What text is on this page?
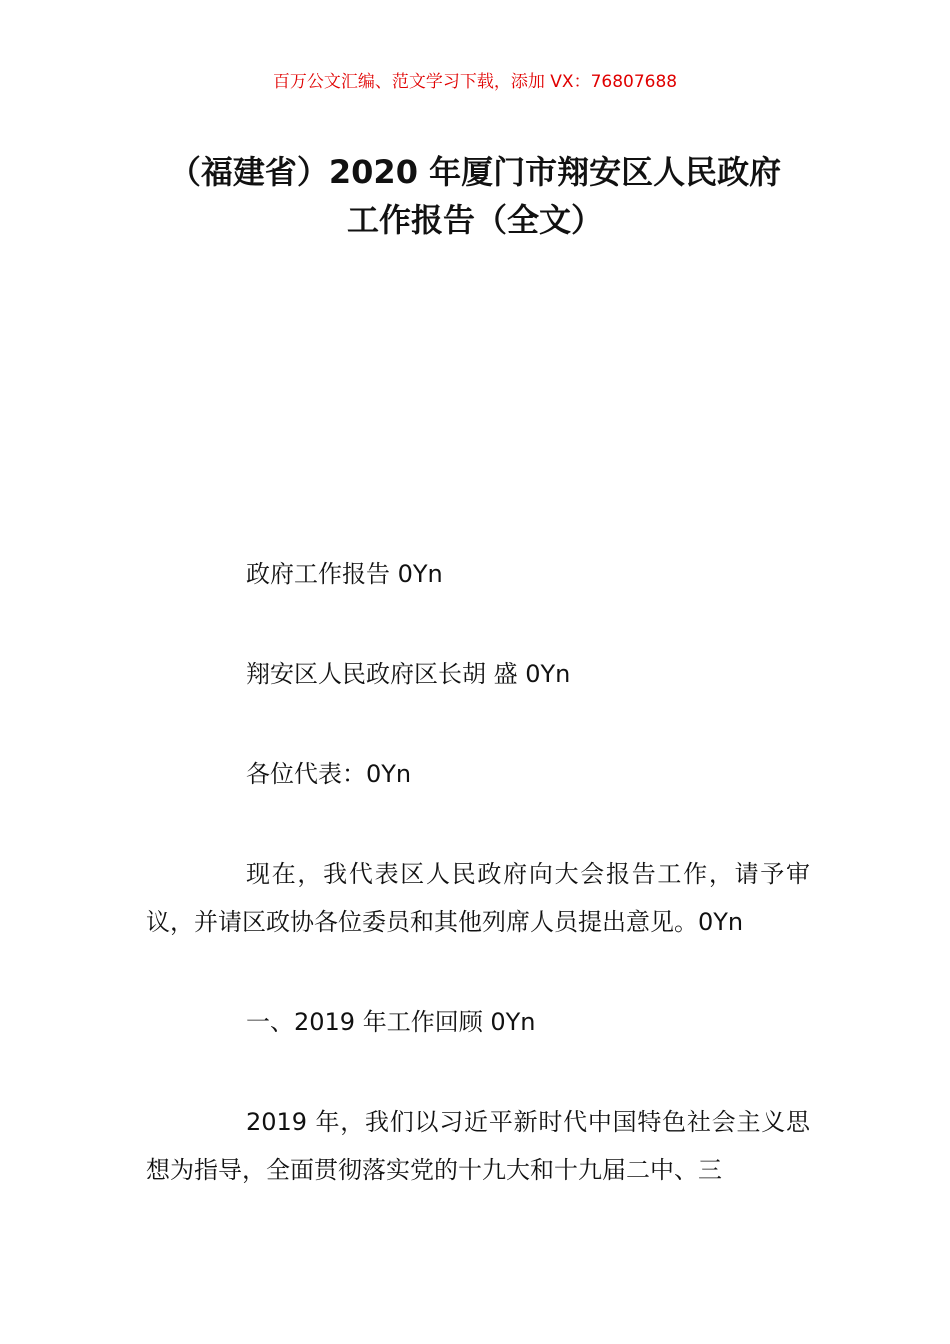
百万公文汇编、范文学习下载，添加 VX：76807688
（福建省）2020 年厦门市翔安区人民政府
工作报告（全文）

政府工作报告 0Yn

翔安区人民政府区长胡 盛 0Yn

各位代表：0Yn

现在，我代表区人民政府向大会报告工作，请予审议，并请区政协各位委员和其他列席人员提出意见。0Yn

一、2019 年工作回顾 0Yn

2019 年，我们以习近平新时代中国特色社会主义思想为指导，全面贯彻落实党的十九大和十九届二中、三
